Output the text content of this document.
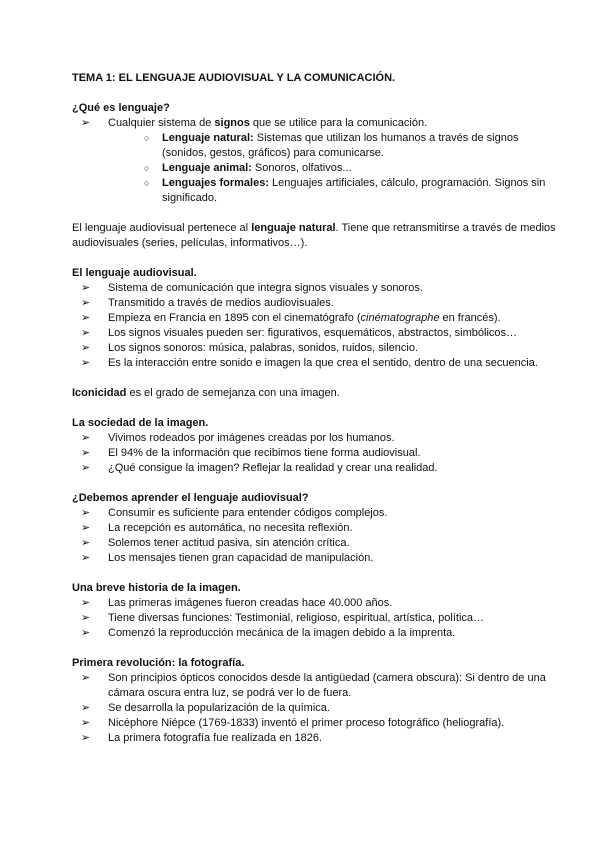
TEMA 1: EL LENGUAJE AUDIOVISUAL Y LA COMUNICACIÓN.
¿Qué es lenguaje?
➢ Cualquier sistema de signos que se utilice para la comunicación.
○ Lenguaje natural: Sistemas que utilizan los humanos a través de signos (sonidos, gestos, gráficos) para comunicarse.
○ Lenguaje animal: Sonoros, olfativos...
○ Lenguajes formales: Lenguajes artificiales, cálculo, programación. Signos sin significado.
El lenguaje audiovisual pertenece al lenguaje natural. Tiene que retransmitirse a través de medios audiovisuales (series, películas, informativos…).
El lenguaje audiovisual.
➢ Sistema de comunicación que integra signos visuales y sonoros.
➢ Transmitido a través de medios audiovisuales.
➢ Empieza en Francia en 1895 con el cinematógrafo (cinématographe en francés).
➢ Los signos visuales pueden ser: figurativos, esquemáticos, abstractos, simbólicos…
➢ Los signos sonoros: música, palabras, sonidos, ruidos, silencio.
➢ Es la interacción entre sonido e imagen la que crea el sentido, dentro de una secuencia.
Iconicidad es el grado de semejanza con una imagen.
La sociedad de la imagen.
➢ Vivimos rodeados por imágenes creadas por los humanos.
➢ El 94% de la información que recibimos tiene forma audiovisual.
➢ ¿Qué consigue la imagen? Reflejar la realidad y crear una realidad.
¿Debemos aprender el lenguaje audiovisual?
➢ Consumir es suficiente para entender códigos complejos.
➢ La recepción es automática, no necesita reflexión.
➢ Solemos tener actitud pasiva, sin atención crítica.
➢ Los mensajes tienen gran capacidad de manipulación.
Una breve historia de la imagen.
➢ Las primeras imágenes fueron creadas hace 40.000 años.
➢ Tiene diversas funciones: Testimonial, religioso, espiritual, artística, política…
➢ Comenzó la reproducción mecánica de la imagen debido a la imprenta.
Primera revolución: la fotografía.
➢ Son principios ópticos conocidos desde la antigüedad (camera obscura): Si dentro de una cámara oscura entra luz, se podrá ver lo de fuera.
➢ Se desarrolla la popularización de la química.
➢ Nicéphore Niépce (1769-1833) inventó el primer proceso fotográfico (heliografía).
➢ La primera fotografía fue realizada en 1826.
